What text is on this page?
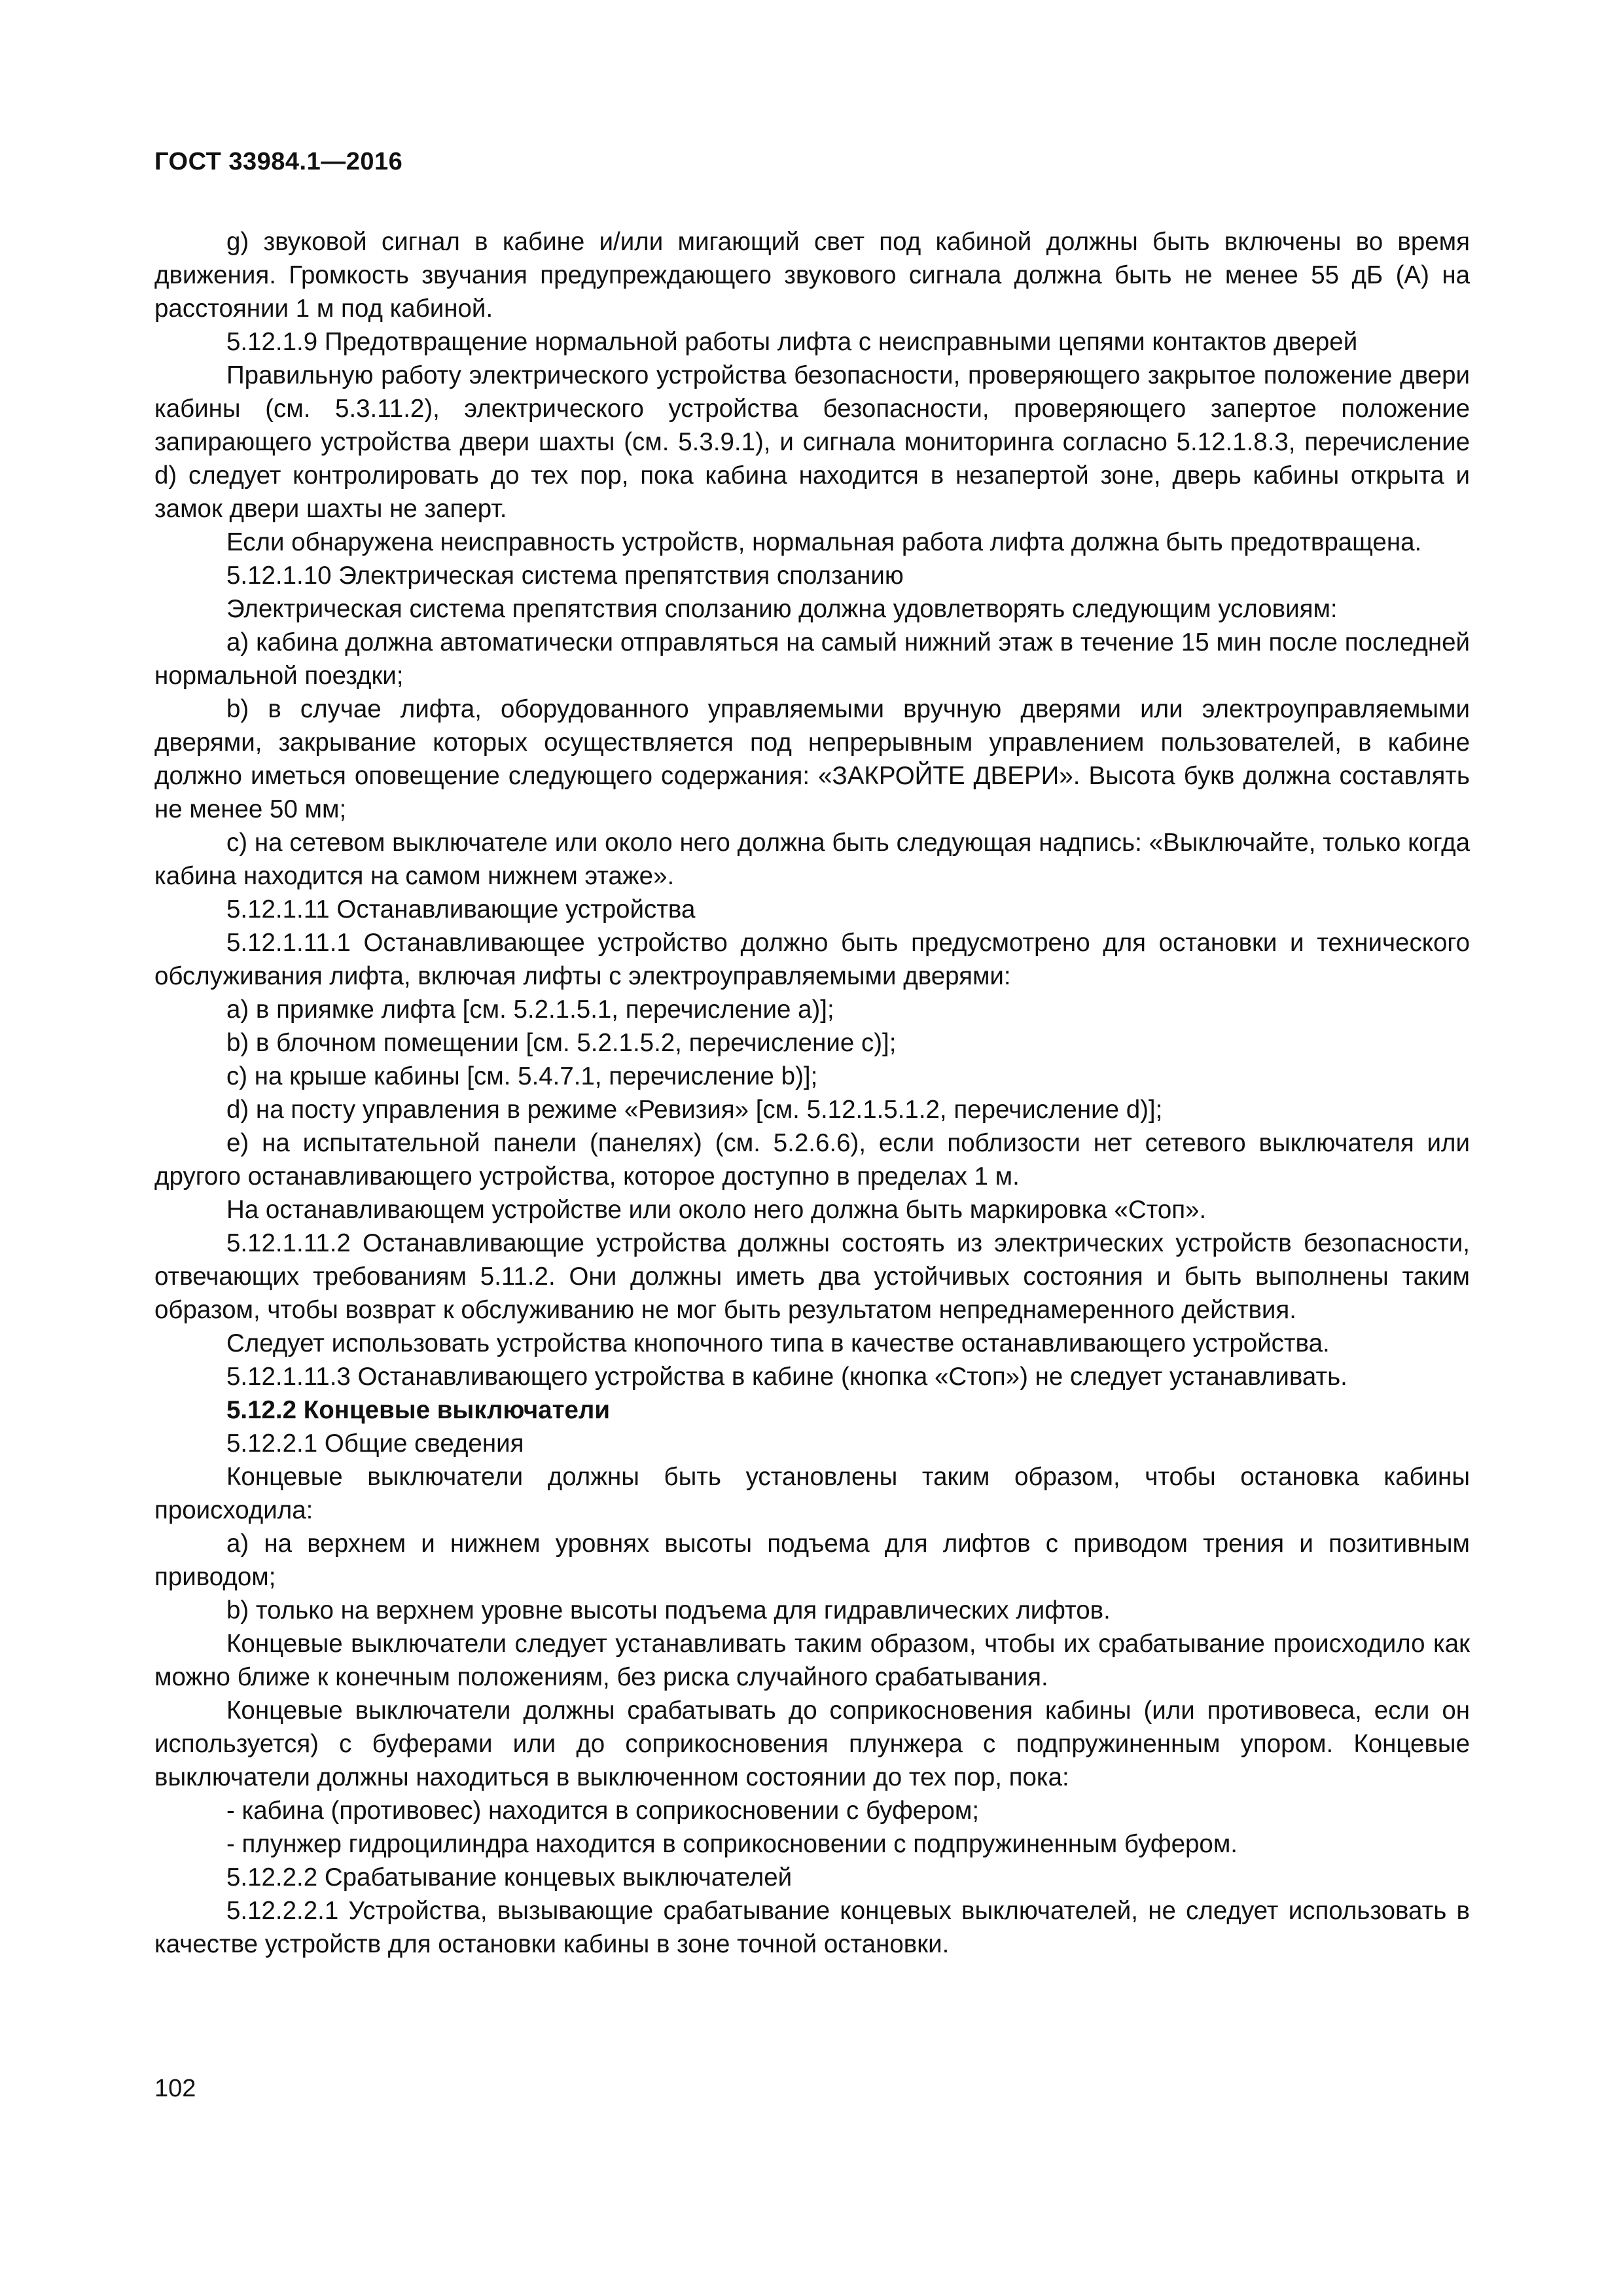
ГОСТ 33984.1—2016

g) звуковой сигнал в кабине и/или мигающий свет под кабиной должны быть включены во время движения. Громкость звучания предупреждающего звукового сигнала должна быть не менее 55 дБ (А) на расстоянии 1 м под кабиной.

5.12.1.9 Предотвращение нормальной работы лифта с неисправными цепями контактов дверей

Правильную работу электрического устройства безопасности, проверяющего закрытое положение двери кабины (см. 5.3.11.2), электрического устройства безопасности, проверяющего запертое положение запирающего устройства двери шахты (см. 5.3.9.1), и сигнала мониторинга согласно 5.12.1.8.3, перечисление d) следует контролировать до тех пор, пока кабина находится в незапертой зоне, дверь кабины открыта и замок двери шахты не заперт.

Если обнаружена неисправность устройств, нормальная работа лифта должна быть предотвращена.

5.12.1.10 Электрическая система препятствия сползанию

Электрическая система препятствия сползанию должна удовлетворять следующим условиям:

a) кабина должна автоматически отправляться на самый нижний этаж в течение 15 мин после последней нормальной поездки;

b) в случае лифта, оборудованного управляемыми вручную дверями или электроуправляемыми дверями, закрывание которых осуществляется под непрерывным управлением пользователей, в кабине должно иметься оповещение следующего содержания: «ЗАКРОЙТЕ ДВЕРИ». Высота букв должна составлять не менее 50 мм;

c) на сетевом выключателе или около него должна быть следующая надпись: «Выключайте, только когда кабина находится на самом нижнем этаже».

5.12.1.11 Останавливающие устройства

5.12.1.11.1 Останавливающее устройство должно быть предусмотрено для остановки и технического обслуживания лифта, включая лифты с электроуправляемыми дверями:

a) в приямке лифта [см. 5.2.1.5.1, перечисление a)];

b) в блочном помещении [см. 5.2.1.5.2, перечисление c)];

c) на крыше кабины [см. 5.4.7.1, перечисление b)];

d) на посту управления в режиме «Ревизия» [см. 5.12.1.5.1.2, перечисление d)];

e) на испытательной панели (панелях) (см. 5.2.6.6), если поблизости нет сетевого выключателя или другого останавливающего устройства, которое доступно в пределах 1 м.

На останавливающем устройстве или около него должна быть маркировка «Стоп».

5.12.1.11.2 Останавливающие устройства должны состоять из электрических устройств безопасности, отвечающих требованиям 5.11.2. Они должны иметь два устойчивых состояния и быть выполнены таким образом, чтобы возврат к обслуживанию не мог быть результатом непреднамеренного действия.

Следует использовать устройства кнопочного типа в качестве останавливающего устройства.

5.12.1.11.3 Останавливающего устройства в кабине (кнопка «Стоп») не следует устанавливать.

5.12.2 Концевые выключатели

5.12.2.1 Общие сведения

Концевые выключатели должны быть установлены таким образом, чтобы остановка кабины происходила:

a) на верхнем и нижнем уровнях высоты подъема для лифтов с приводом трения и позитивным приводом;

b) только на верхнем уровне высоты подъема для гидравлических лифтов.

Концевые выключатели следует устанавливать таким образом, чтобы их срабатывание происходило как можно ближе к конечным положениям, без риска случайного срабатывания.

Концевые выключатели должны срабатывать до соприкосновения кабины (или противовеса, если он используется) с буферами или до соприкосновения плунжера с подпружиненным упором. Концевые выключатели должны находиться в выключенном состоянии до тех пор, пока:

- кабина (противовес) находится в соприкосновении с буфером;

- плунжер гидроцилиндра находится в соприкосновении с подпружиненным буфером.

5.12.2.2 Срабатывание концевых выключателей

5.12.2.2.1 Устройства, вызывающие срабатывание концевых выключателей, не следует использовать в качестве устройств для остановки кабины в зоне точной остановки.

102
